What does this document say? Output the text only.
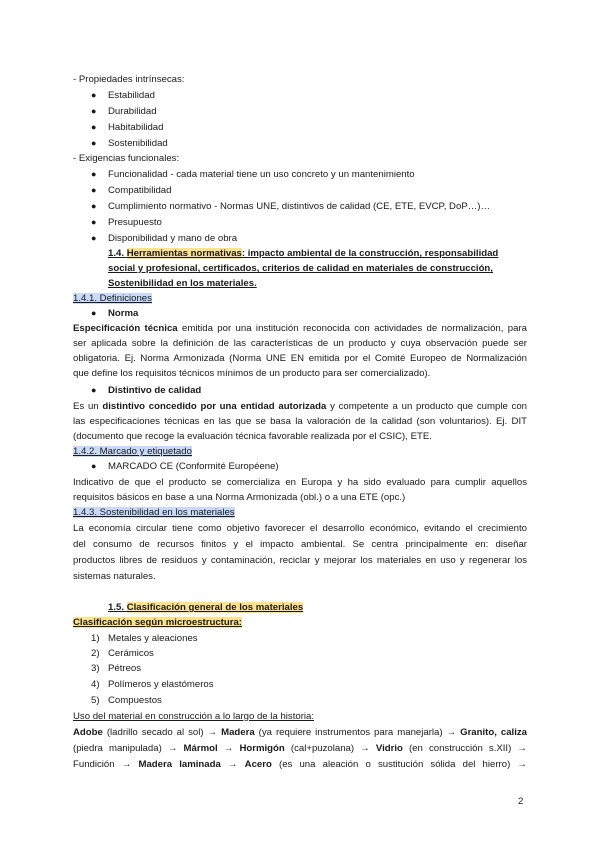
- Propiedades intrínsecas:
● Estabilidad
● Durabilidad
● Habitabilidad
● Sostenibilidad
- Exigencias funcionales:
● Funcionalidad - cada material tiene un uso concreto y un mantenimiento
● Compatibilidad
● Cumplimiento normativo - Normas UNE, distintivos de calidad (CE, ETE, EVCP, DoP…)…
● Presupuesto
● Disponibilidad y mano de obra
1.4. Herramientas normativas: impacto ambiental de la construcción, responsabilidad
social y profesional, certificados, criterios de calidad en materiales de construcción,
Sostenibilidad en los materiales.
1.4.1. Definiciones
● Norma
Especificación técnica emitida por una institución reconocida con actividades de normalización, para
ser aplicada sobre la definición de las características de un producto y cuya observación puede ser
obligatoria. Ej. Norma Armonizada (Norma UNE EN emitida por el Comité Europeo de Normalización
que define los requisitos técnicos mínimos de un producto para ser comercializado).
● Distintivo de calidad
Es un distintivo concedido por una entidad autorizada y competente a un producto que cumple con
las especificaciones técnicas en las que se basa la valoración de la calidad (son voluntarios). Ej. DIT
(documento que recoge la evaluación técnica favorable realizada por el CSIC), ETE.
1.4.2. Marcado y etiquetado
● MARCADO CE (Conformité Européene)
Indicativo de que el producto se comercializa en Europa y ha sido evaluado para cumplir aquellos
requisitos básicos en base a una Norma Armonizada (obl.) o a una ETE (opc.)
1.4.3. Sostenibilidad en los materiales
La economía circular tiene como objetivo favorecer el desarrollo económico, evitando el crecimiento
del consumo de recursos finitos y el impacto ambiental. Se centra principalmente en: diseñar
productos libres de residuos y contaminación, reciclar y mejorar los materiales en uso y regenerar los
sistemas naturales.
1.5. Clasificación general de los materiales
Clasificación según microestructura:
1) Metales y aleaciones
2) Cerámicos
3) Pétreos
4) Polímeros y elastómeros
5) Compuestos
Uso del material en construcción a lo largo de la historia:
Adobe (ladrillo secado al sol) → Madera (ya requiere instrumentos para manejarla) → Granito, caliza
(piedra manipulada) → Mármol → Hormigón (cal+puzolana) → Vidrio (en construcción s.XII) →
Fundición → Madera laminada → Acero (es una aleación o sustitución sólida del hierro) →
2
